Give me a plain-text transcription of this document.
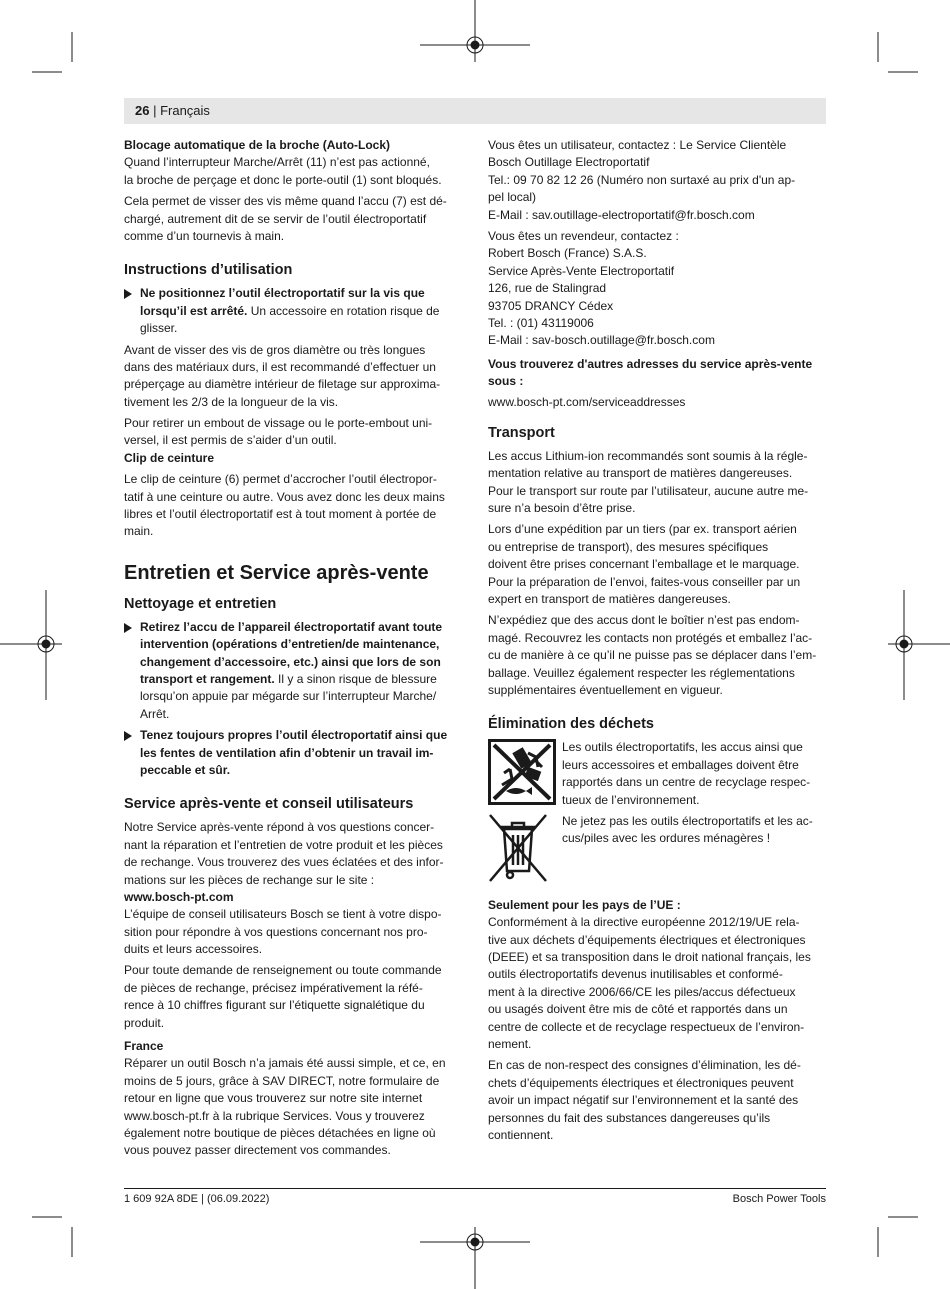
26 | Français
Blocage automatique de la broche (Auto-Lock)
Quand l’interrupteur Marche/Arrêt (11) n’est pas actionné,
la broche de perçage et donc le porte-outil (1) sont bloqués.
Cela permet de visser des vis même quand l’accu (7) est dé-
chargé, autrement dit de se servir de l’outil électroportatif
comme d’un tournevis à main.
Instructions d’utilisation
Ne positionnez l’outil électroportatif sur la vis que
lorsqu’il est arrêté. Un accessoire en rotation risque de
glisser.
Avant de visser des vis de gros diamètre ou très longues
dans des matériaux durs, il est recommandé d’effectuer un
préperçage au diamètre intérieur de filetage sur approxima-
tivement les 2/3 de la longueur de la vis.
Pour retirer un embout de vissage ou le porte-embout uni-
versel, il est permis de s’aider d’un outil.
Clip de ceinture
Le clip de ceinture (6) permet d’accrocher l’outil électropor-
tatif à une ceinture ou autre. Vous avez donc les deux mains
libres et l’outil électroportatif est à tout moment à portée de
main.
Entretien et Service après-vente
Nettoyage et entretien
Retirez l’accu de l’appareil électroportatif avant toute
intervention (opérations d’entretien/de maintenance,
changement d’accessoire, etc.) ainsi que lors de son
transport et rangement. Il y a sinon risque de blessure
lorsqu’on appuie par mégarde sur l’interrupteur Marche/
Arrêt.
Tenez toujours propres l’outil électroportatif ainsi que
les fentes de ventilation afin d’obtenir un travail im-
peccable et sûr.
Service après-vente et conseil utilisateurs
Notre Service après-vente répond à vos questions concer-
nant la réparation et l’entretien de votre produit et les pièces
de rechange. Vous trouverez des vues éclatées et des infor-
mations sur les pièces de rechange sur le site :
www.bosch-pt.com
L’équipe de conseil utilisateurs Bosch se tient à votre dispo-
sition pour répondre à vos questions concernant nos pro-
duits et leurs accessoires.
Pour toute demande de renseignement ou toute commande
de pièces de rechange, précisez impérativement la réfé-
rence à 10 chiffres figurant sur l’étiquette signalétique du
produit.
France
Réparer un outil Bosch n’a jamais été aussi simple, et ce, en
moins de 5 jours, grâce à SAV DIRECT, notre formulaire de
retour en ligne que vous trouverez sur notre site internet
www.bosch-pt.fr à la rubrique Services. Vous y trouverez
également notre boutique de pièces détachées en ligne où
vous pouvez passer directement vos commandes.
Vous êtes un utilisateur, contactez : Le Service Clientèle
Bosch Outillage Electroportatif
Tel.: 09 70 82 12 26 (Numéro non surtaxé au prix d'un ap-
pel local)
E-Mail : sav.outillage-electroportatif@fr.bosch.com
Vous êtes un revendeur, contactez :
Robert Bosch (France) S.A.S.
Service Après-Vente Electroportatif
126, rue de Stalingrad
93705 DRANCY Cédex
Tel. : (01) 43119006
E-Mail : sav-bosch.outillage@fr.bosch.com
Vous trouverez d'autres adresses du service après-vente
sous :
www.bosch-pt.com/serviceaddresses
Transport
Les accus Lithium-ion recommandés sont soumis à la régle-
mentation relative au transport de matières dangereuses.
Pour le transport sur route par l’utilisateur, aucune autre me-
sure n’a besoin d’être prise.
Lors d’une expédition par un tiers (par ex. transport aérien
ou entreprise de transport), des mesures spécifiques
doivent être prises concernant l’emballage et le marquage.
Pour la préparation de l’envoi, faites-vous conseiller par un
expert en transport de matières dangereuses.
N’expédiez que des accus dont le boîtier n’est pas endom-
magé. Recouvrez les contacts non protégés et emballez l’ac-
cu de manière à ce qu’il ne puisse pas se déplacer dans l’em-
ballage. Veuillez également respecter les réglementations
supplémentaires éventuellement en vigueur.
Élimination des déchets
Les outils électroportatifs, les accus ainsi que
leurs accessoires et emballages doivent être
rapportés dans un centre de recyclage respec-
tueux de l’environnement.
Ne jetez pas les outils électroportatifs et les ac-
cus/piles avec les ordures ménagères !
Seulement pour les pays de l’UE :
Conformément à la directive européenne 2012/19/UE rela-
tive aux déchets d’équipements électriques et électroniques
(DEEE) et sa transposition dans le droit national français, les
outils électroportatifs devenus inutilisables et conformé-
ment à la directive 2006/66/CE les piles/accus défectueux
ou usagés doivent être mis de côté et rapportés dans un
centre de collecte et de recyclage respectueux de l’environ-
nement.
En cas de non-respect des consignes d’élimination, les dé-
chets d’équipements électriques et électroniques peuvent
avoir un impact négatif sur l’environnement et la santé des
personnes du fait des substances dangereuses qu’ils
contiennent.
1 609 92A 8DE | (06.09.2022)	Bosch Power Tools
